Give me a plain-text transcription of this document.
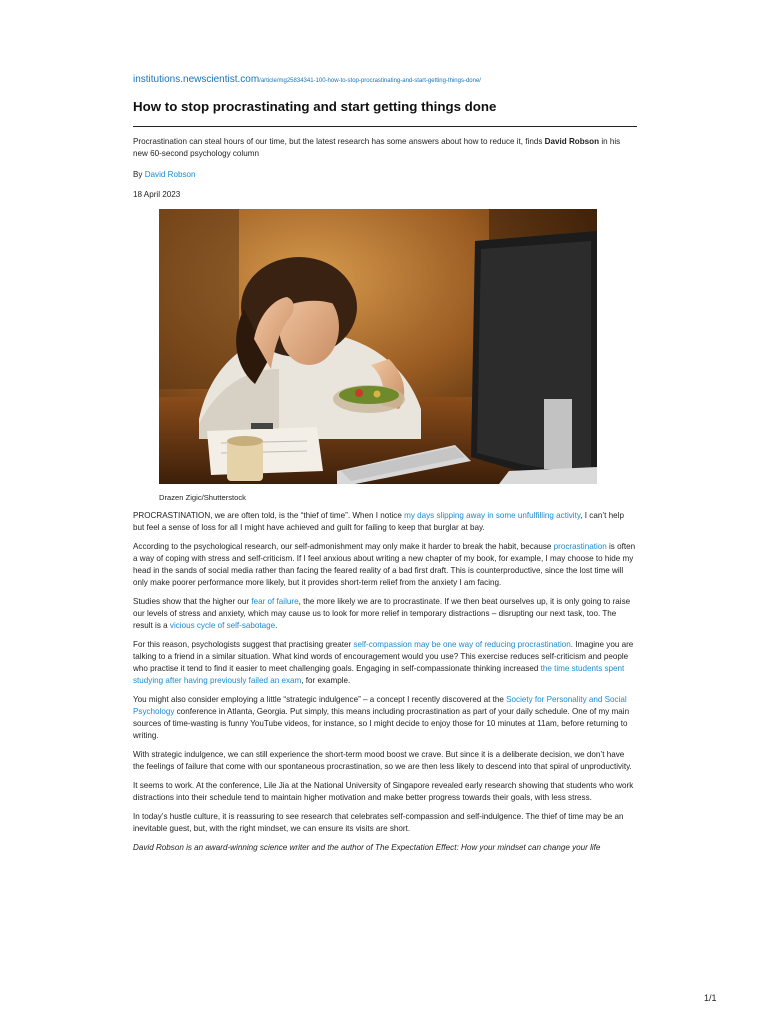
institutions.newscientist.com/article/mg25834341-100-how-to-stop-procrastinating-and-start-getting-things-done/
How to stop procrastinating and start getting things done

Procrastination can steal hours of our time, but the latest research has some answers about how to reduce it, finds David Robson in his new 60-second psychology column

By David Robson

18 April 2023

Drazen Zigic/Shutterstock

PROCRASTINATION, we are often told, is the “thief of time”. When I notice my days slipping away in some unfulfilling activity, I can’t help but feel a sense of loss for all I might have achieved and guilt for failing to keep that burglar at bay.

According to the psychological research, our self-admonishment may only make it harder to break the habit, because procrastination is often a way of coping with stress and self-criticism. If I feel anxious about writing a new chapter of my book, for example, I may choose to hide my head in the sands of social media rather than facing the feared reality of a bad first draft. This is counterproductive, since the lost time will only make poorer performance more likely, but it provides short-term relief from the anxiety I am facing.

Studies show that the higher our fear of failure, the more likely we are to procrastinate. If we then beat ourselves up, it is only going to raise our levels of stress and anxiety, which may cause us to look for more relief in temporary distractions – disrupting our next task, too. The result is a vicious cycle of self-sabotage.

For this reason, psychologists suggest that practising greater self-compassion may be one way of reducing procrastination. Imagine you are talking to a friend in a similar situation. What kind words of encouragement would you use? This exercise reduces self-criticism and people who practise it tend to find it easier to meet challenging goals. Engaging in self-compassionate thinking increased the time students spent studying after having previously failed an exam, for example.

You might also consider employing a little “strategic indulgence” – a concept I recently discovered at the Society for Personality and Social Psychology conference in Atlanta, Georgia. Put simply, this means including procrastination as part of your daily schedule. One of my main sources of time-wasting is funny YouTube videos, for instance, so I might decide to enjoy those for 10 minutes at 11am, before returning to writing.

With strategic indulgence, we can still experience the short-term mood boost we crave. But since it is a deliberate decision, we don’t have the feelings of failure that come with our spontaneous procrastination, so we are then less likely to descend into that spiral of unproductivity.

It seems to work. At the conference, Lile Jia at the National University of Singapore revealed early research showing that students who work distractions into their schedule tend to maintain higher motivation and make better progress towards their goals, with less stress.

In today’s hustle culture, it is reassuring to see research that celebrates self-compassion and self-indulgence. The thief of time may be an inevitable guest, but, with the right mindset, we can ensure its visits are short.

David Robson is an award-winning science writer and the author of The Expectation Effect: How your mindset can change your life

1/1
